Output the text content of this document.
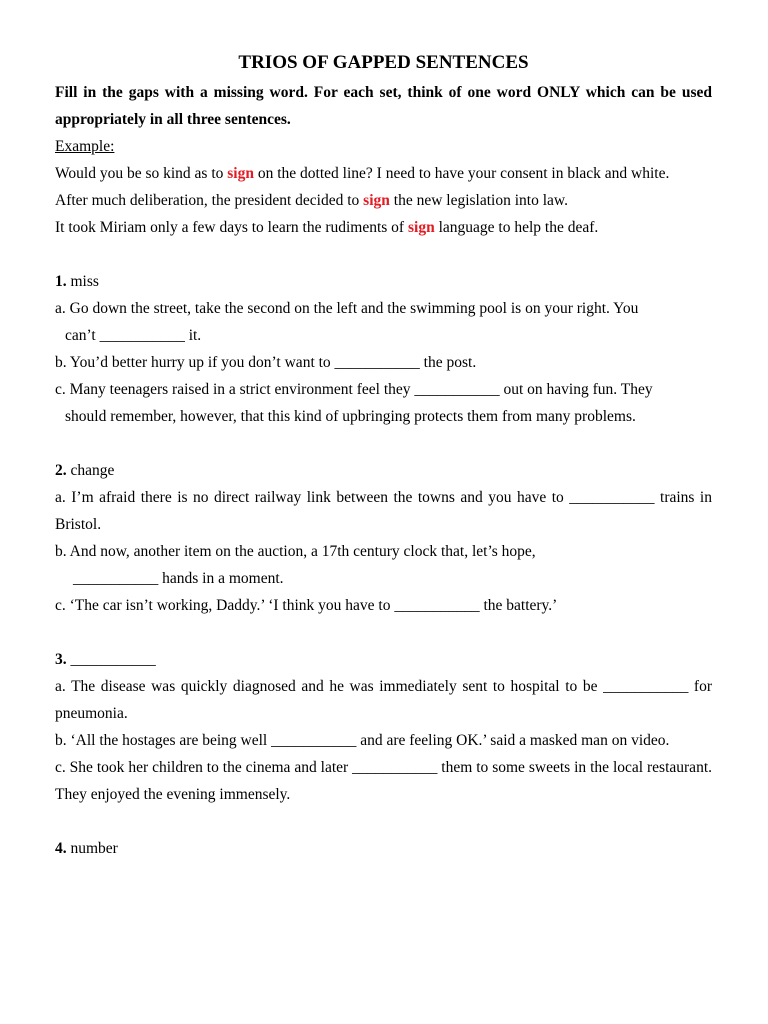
TRIOS OF GAPPED SENTENCES

Fill in the gaps with a missing word. For each set, think of one word ONLY which can be used appropriately in all three sentences.

Example:

Would you be so kind as to sign on the dotted line? I need to have your consent in black and white.

After much deliberation, the president decided to sign the new legislation into law.

It took Miriam only a few days to learn the rudiments of sign language to help the deaf.

1. miss

a. Go down the street, take the second on the left and the swimming pool is on your right. You

can’t ___________ it.

b. You’d better hurry up if you don’t want to ___________ the post.

c. Many teenagers raised in a strict environment feel they ___________ out on having fun. They

should remember, however, that this kind of upbringing protects them from many problems.

2. change

a. I’m afraid there is no direct railway link between the towns and you have to ___________ trains in Bristol.

b. And now, another item on the auction, a 17th century clock that, let’s hope,

___________ hands in a moment.

c. ‘The car isn’t working, Daddy.’ ‘I think you have to ___________ the battery.’

3. ___________

a. The disease was quickly diagnosed and he was immediately sent to hospital to be ___________ for pneumonia.

b. ‘All the hostages are being well ___________ and are feeling OK.’ said a masked man on video.

c. She took her children to the cinema and later ___________ them to some sweets in the local restaurant. They enjoyed the evening immensely.

4. number
